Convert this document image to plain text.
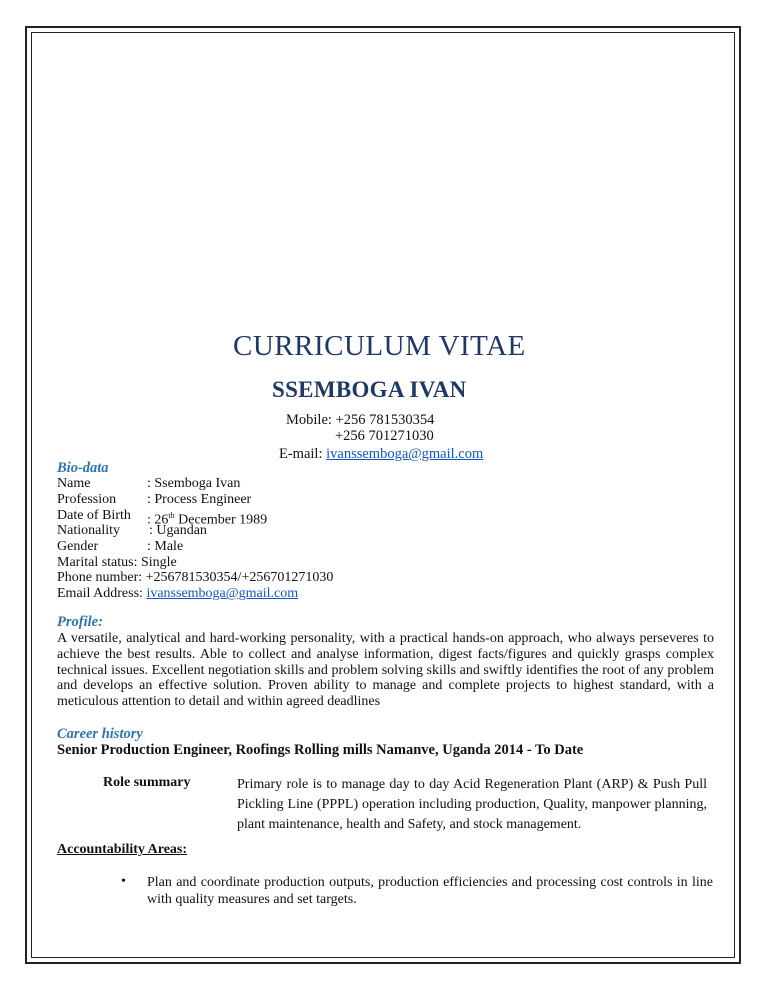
CURRICULUM VITAE
SSEMBOGA IVAN
Mobile: +256 781530354
+256 701271030
E-mail: ivanssemboga@gmail.com
Bio-data
Name	: Ssemboga Ivan
Profession : Process Engineer
Date of Birth : 26th December 1989
Nationality : Ugandan
Gender	: Male
Marital status: Single
Phone number: +256781530354/+256701271030
Email Address: ivanssemboga@gmail.com
Profile:
A versatile, analytical and hard-working personality, with a practical hands-on approach, who always perseveres to achieve the best results. Able to collect and analyse information, digest facts/figures and quickly grasps complex technical issues. Excellent negotiation skills and problem solving skills and swiftly identifies the root of any problem and develops an effective solution. Proven ability to manage and complete projects to highest standard, with a meticulous attention to detail and within agreed deadlines
Career history
Senior Production Engineer, Roofings Rolling mills Namanve, Uganda 2014 - To Date
Role summary	Primary role is to manage day to day Acid Regeneration Plant (ARP) & Push Pull Pickling Line (PPPL) operation including production, Quality, manpower planning, plant maintenance, health and Safety, and stock management.
Accountability Areas:
• Plan and coordinate production outputs, production efficiencies and processing cost controls in line with quality measures and set targets.
